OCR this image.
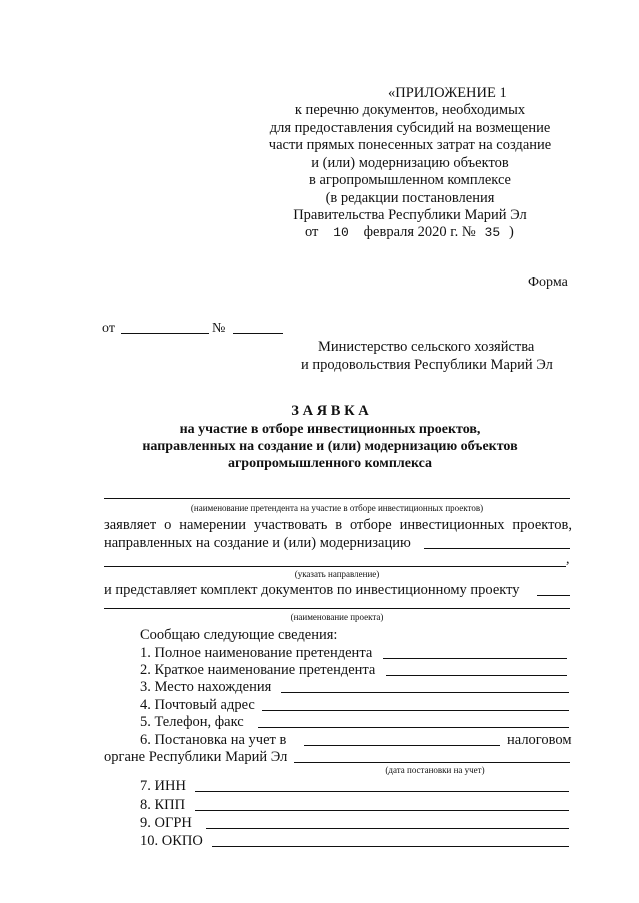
«ПРИЛОЖЕНИЕ 1
к перечню документов, необходимых
для предоставления субсидий на возмещение
части прямых понесенных затрат на создание
и (или) модернизацию объектов
в агропромышленном комплексе
(в редакции постановления
Правительства Республики Марий Эл
от 10 февраля 2020 г. № 35 )
Форма
от	№
Министерство сельского хозяйства
и продовольствия Республики Марий Эл
З А Я В К А
на участие в отборе инвестиционных проектов,
направленных на создание и (или) модернизацию объектов
агропромышленного комплекса
(наименование претендента на участие в отборе инвестиционных проектов)
заявляет о намерении участвовать в отборе инвестиционных проектов,
направленных на создание и (или) модернизацию
,
(указать направление)
и представляет комплект документов по инвестиционному проекту
(наименование проекта)
Сообщаю следующие сведения:
1. Полное наименование претендента
2. Краткое наименование претендента
3. Место нахождения
4. Почтовый адрес
5. Телефон, факс
6. Постановка на учет в	налоговом
органе Республики Марий Эл
(дата постановки на учет)
7. ИНН
8. КПП
9. ОГРН
10. ОКПО
